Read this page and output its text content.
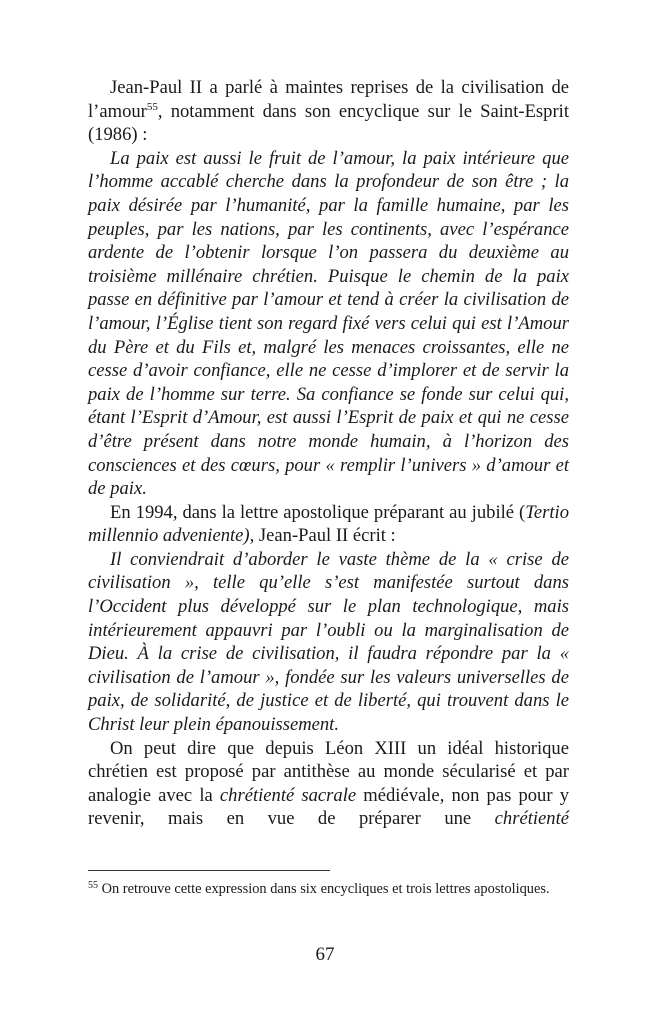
Jean-Paul II a parlé à maintes reprises de la civilisation de l’amour$^{55}$, notamment dans son encyclique sur le Saint-Esprit (1986) :

La paix est aussi le fruit de l’amour, la paix intérieure que l’homme accablé cherche dans la profondeur de son être ; la paix désirée par l’humanité, par la famille humaine, par les peuples, par les nations, par les continents, avec l’espérance ardente de l’obtenir lorsque l’on passera du deuxième au troisième millénaire chrétien. Puisque le chemin de la paix passe en définitive par l’amour et tend à créer la civilisation de l’amour, l’Église tient son regard fixé vers celui qui est l’Amour du Père et du Fils et, malgré les menaces croissantes, elle ne cesse d’avoir confiance, elle ne cesse d’implorer et de servir la paix de l’homme sur terre. Sa confiance se fonde sur celui qui, étant l’Esprit d’Amour, est aussi l’Esprit de paix et qui ne cesse d’être présent dans notre monde humain, à l’horizon des consciences et des cœurs, pour « remplir l’univers » d’amour et de paix.

En 1994, dans la lettre apostolique préparant au jubilé (Tertio millennio adveniente), Jean-Paul II écrit :

Il conviendrait d’aborder le vaste thème de la « crise de civilisation », telle qu’elle s’est manifestée surtout dans l’Occident plus développé sur le plan technologique, mais intérieurement appauvri par l’oubli ou la marginalisation de Dieu. À la crise de civilisation, il faudra répondre par la « civilisation de l’amour », fondée sur les valeurs universelles de paix, de solidarité, de justice et de liberté, qui trouvent dans le Christ leur plein épanouissement.

On peut dire que depuis Léon XIII un idéal historique chrétien est proposé par antithèse au monde sécularisé et par analogie avec la chrétienté sacrale médiévale, non pas pour y revenir, mais en vue de préparer une chrétienté

$^{55}$ On retrouve cette expression dans six encycliques et trois lettres apostoliques.
67
